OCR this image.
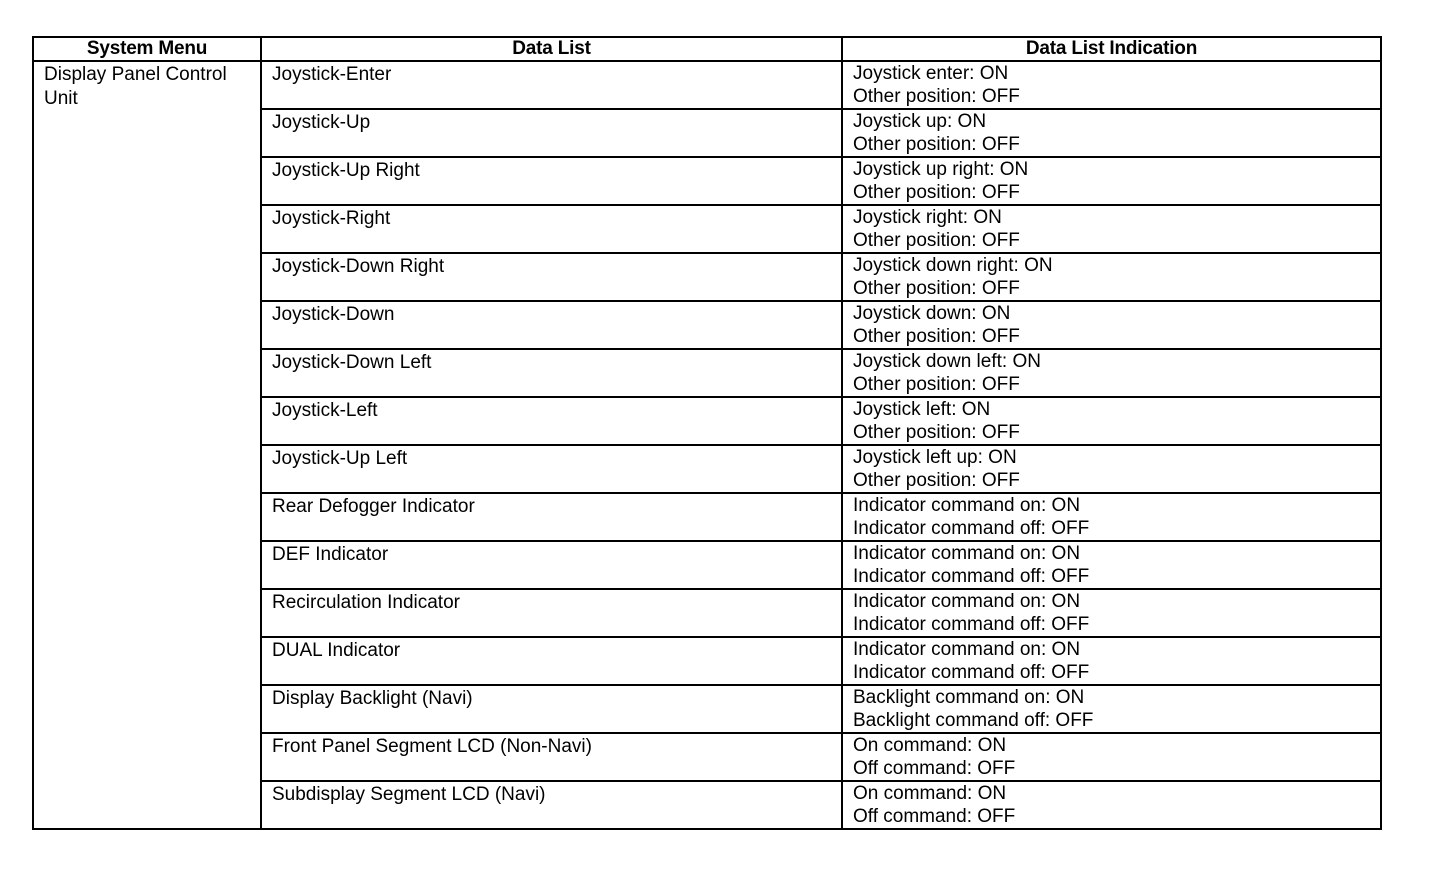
System Menu	Data List	Data List Indication
Display Panel Control Unit	Joystick-Enter	Joystick enter: ON
Other position: OFF

	Joystick-Up	Joystick up: ON
Other position: OFF

	Joystick-Up Right	Joystick up right: ON
Other position: OFF

	Joystick-Right	Joystick right: ON
Other position: OFF

	Joystick-Down Right	Joystick down right: ON
Other position: OFF

	Joystick-Down	Joystick down: ON
Other position: OFF

	Joystick-Down Left	Joystick down left: ON
Other position: OFF

	Joystick-Left	Joystick left: ON
Other position: OFF

	Joystick-Up Left	Joystick left up: ON
Other position: OFF

	Rear Defogger Indicator	Indicator command on: ON
Indicator command off: OFF

	DEF Indicator	Indicator command on: ON
Indicator command off: OFF

	Recirculation Indicator	Indicator command on: ON
Indicator command off: OFF

	DUAL Indicator	Indicator command on: ON
Indicator command off: OFF

	Display Backlight (Navi)	Backlight command on: ON
Backlight command off: OFF

	Front Panel Segment LCD (Non-Navi)	On command: ON
Off command: OFF

	Subdisplay Segment LCD (Navi)	On command: ON
Off command: OFF
